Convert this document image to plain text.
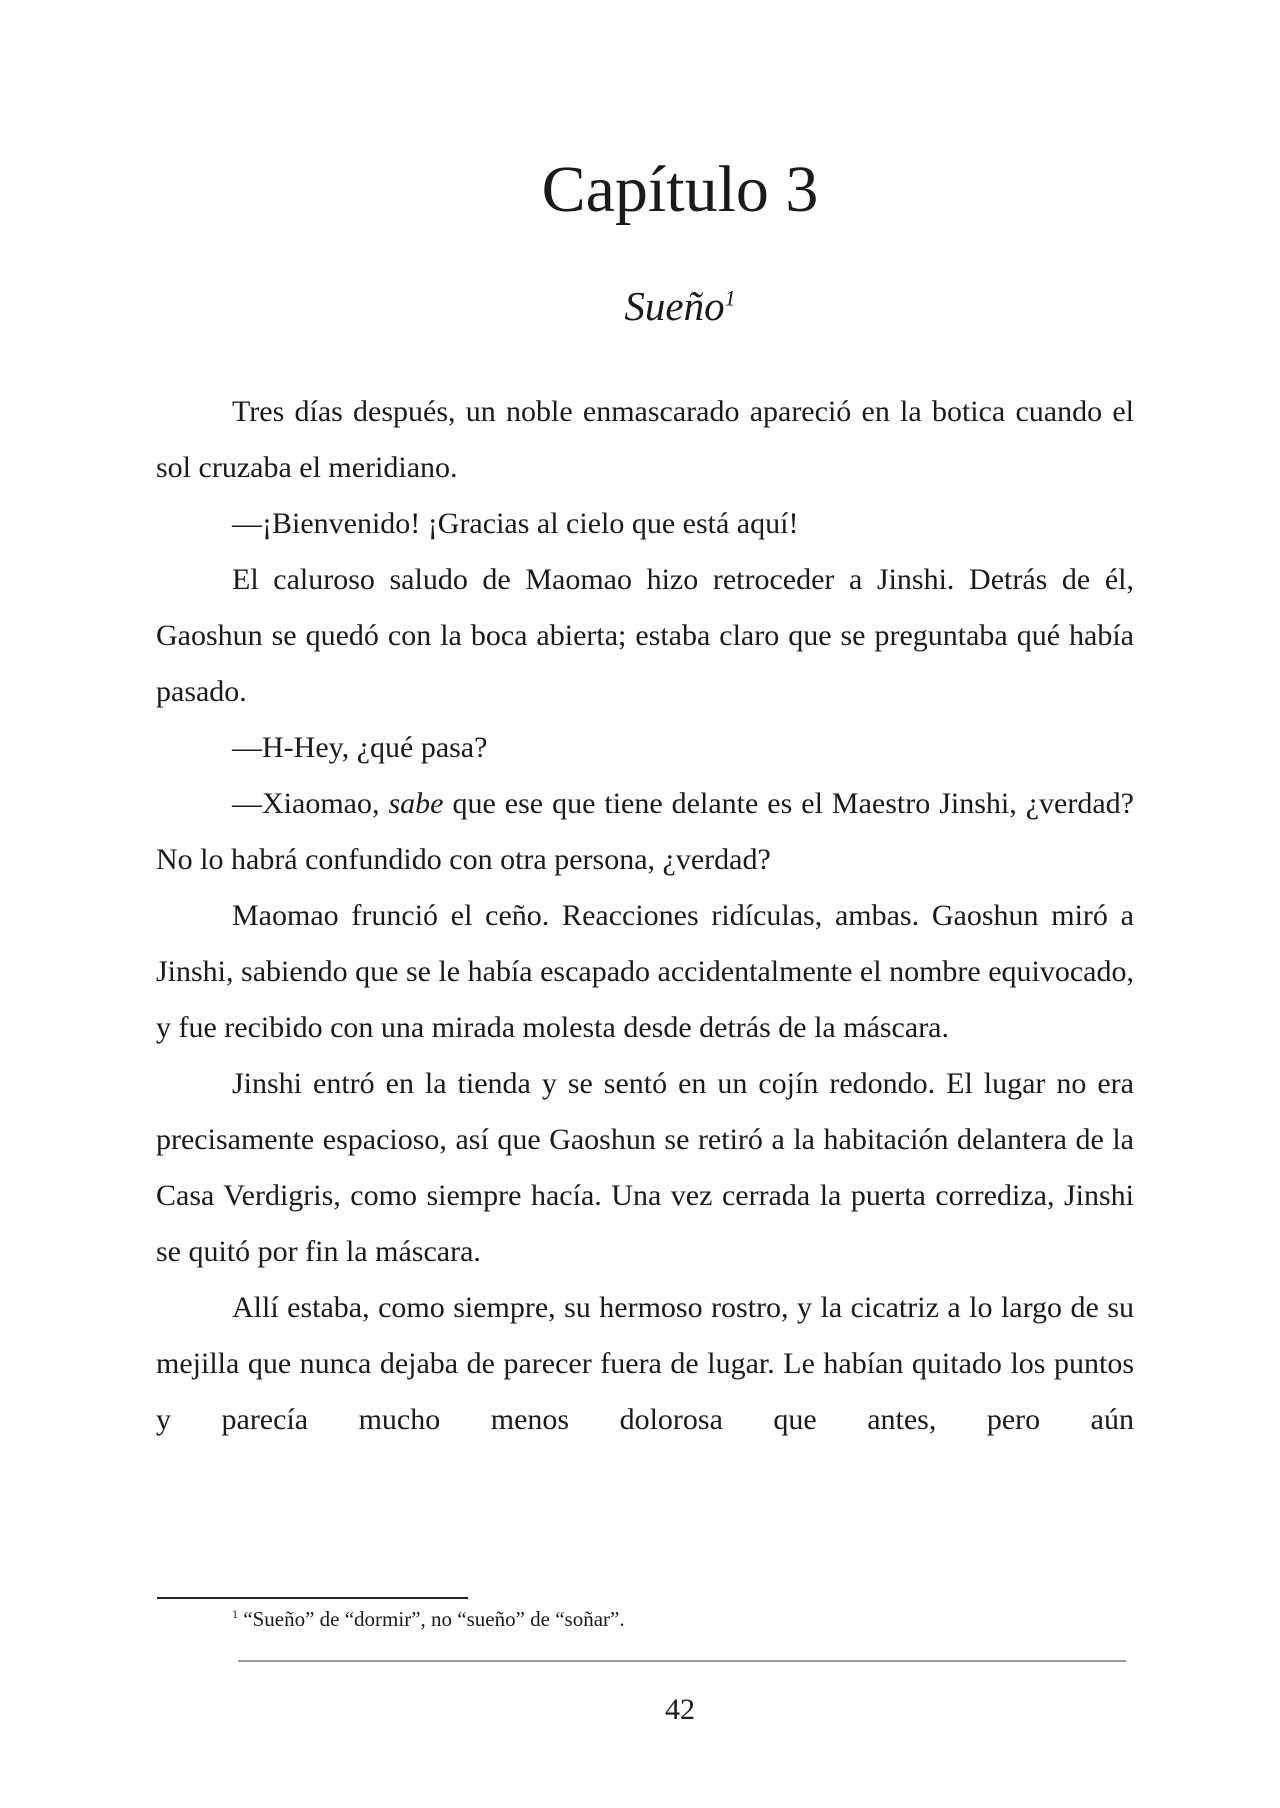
Capítulo 3
Sueño$^1$

Tres días después, un noble enmascarado apareció en la botica cuando el sol cruzaba el meridiano.

—¡Bienvenido! ¡Gracias al cielo que está aquí!

El caluroso saludo de Maomao hizo retroceder a Jinshi. Detrás de él, Gaoshun se quedó con la boca abierta; estaba claro que se preguntaba qué había pasado.

—H-Hey, ¿qué pasa?

—Xiaomao, sabe que ese que tiene delante es el Maestro Jinshi, ¿verdad? No lo habrá confundido con otra persona, ¿verdad?

Maomao frunció el ceño. Reacciones ridículas, ambas. Gaoshun miró a Jinshi, sabiendo que se le había escapado accidentalmente el nombre equivocado, y fue recibido con una mirada molesta desde detrás de la máscara.

Jinshi entró en la tienda y se sentó en un cojín redondo. El lugar no era precisamente espacioso, así que Gaoshun se retiró a la habitación delantera de la Casa Verdigris, como siempre hacía. Una vez cerrada la puerta corrediza, Jinshi se quitó por fin la máscara.

Allí estaba, como siempre, su hermoso rostro, y la cicatriz a lo largo de su mejilla que nunca dejaba de parecer fuera de lugar. Le habían quitado los puntos y parecía mucho menos dolorosa que antes, pero aún

$^1$ “Sueño” de “dormir”, no “sueño” de “soñar”.
42
